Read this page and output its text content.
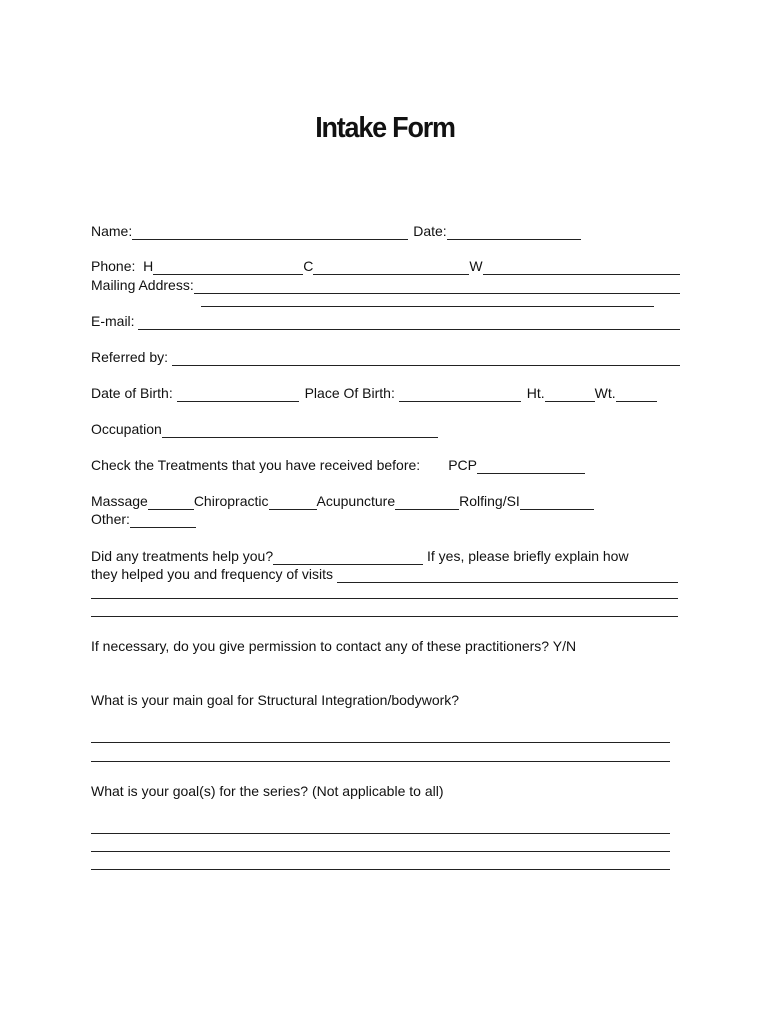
Intake Form
Name:	Date:
Phone:  H	C	W
Mailing Address:
E-mail:
Referred by:
Date of Birth:	Place Of Birth:	Ht.	Wt.
Occupation
Check the Treatments that you have received before: PCP
Massage	Chiropractic	Acupuncture	Rolfing/SI
Other:
Did any treatments help you?	If yes, please briefly explain how
they helped you and frequency of visits
If necessary, do you give permission to contact any of these practitioners? Y/N
What is your main goal for Structural Integration/bodywork?
What is your goal(s) for the series? (Not applicable to all)
